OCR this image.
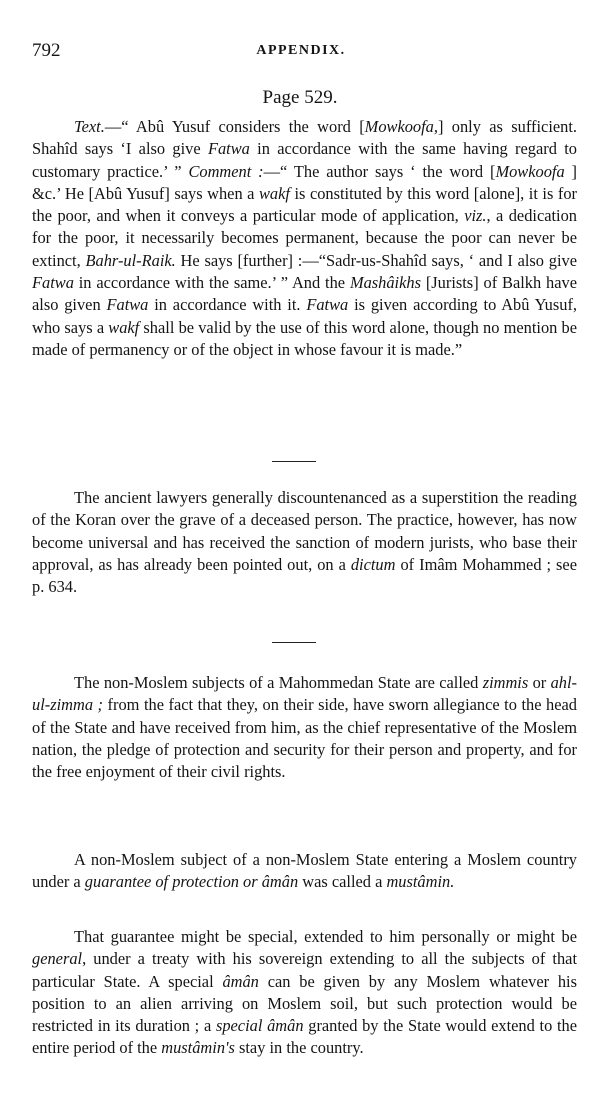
792	APPENDIX.
Page 529.

Text.—“ Abû Yusuf considers the word [Mowkoofa,] only as sufficient. Shahîd says ‘I also give Fatwa in accordance with the same having regard to customary practice.’ ” Comment :—“ The author says ‘ the word [Mowkoofa ] &c.’ He [Abû Yusuf] says when a wakf is constituted by this word [alone], it is for the poor, and when it conveys a particular mode of application, viz., a dedication for the poor, it necessarily becomes permanent, because the poor can never be extinct, Bahr-ul-Raik. He says [further] :—“Sadr-us-Shahîd says, ‘ and I also give Fatwa in accordance with the same.’ ” And the Mashâikhs [Jurists] of Balkh have also given Fatwa in accordance with it. Fatwa is given according to Abû Yusuf, who says a wakf shall be valid by the use of this word alone, though no mention be made of permanency or of the object in whose favour it is made.”

The ancient lawyers generally discountenanced as a superstition the reading of the Koran over the grave of a deceased person. The practice, however, has now become universal and has received the sanction of modern jurists, who base their approval, as has already been pointed out, on a dictum of Imâm Mohammed ; see p. 634.

The non-Moslem subjects of a Mahommedan State are called zimmis or ahl-ul-zimma ; from the fact that they, on their side, have sworn allegiance to the head of the State and have received from him, as the chief representative of the Moslem nation, the pledge of protection and security for their person and property, and for the free enjoyment of their civil rights.

A non-Moslem subject of a non-Moslem State entering a Moslem country under a guarantee of protection or âmân was called a mustâmin.

That guarantee might be special, extended to him personally or might be general, under a treaty with his sovereign extending to all the subjects of that particular State. A special âmân can be given by any Moslem whatever his position to an alien arriving on Moslem soil, but such protection would be restricted in its duration ; a special âmân granted by the State would extend to the entire period of the mustâmin's stay in the country.
